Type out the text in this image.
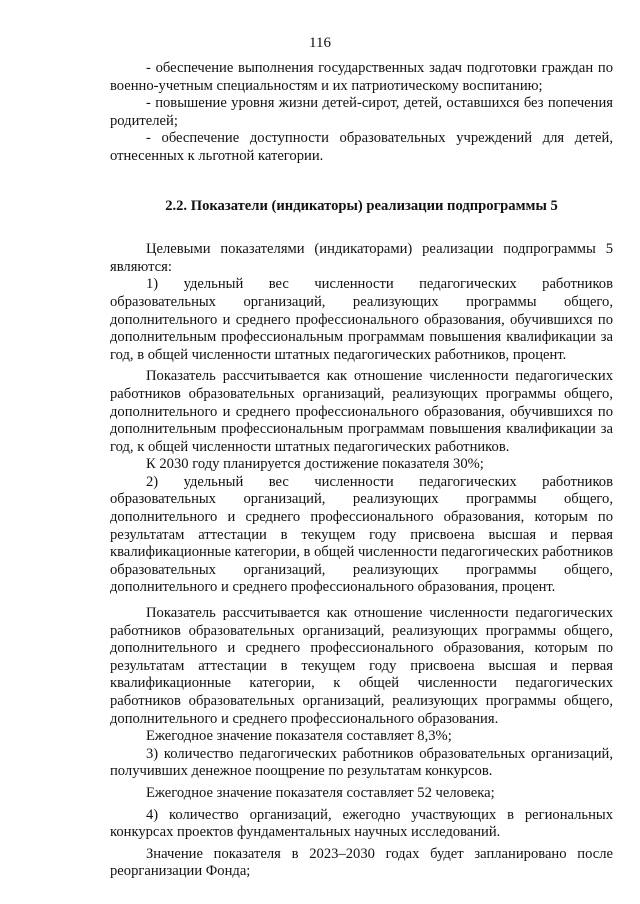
116

- обеспечение выполнения государственных задач подготовки граждан по военно-учетным специальностям и их патриотическому воспитанию;

- повышение уровня жизни детей-сирот, детей, оставшихся без попечения родителей;

- обеспечение доступности образовательных учреждений для детей, отнесенных к льготной категории.

2.2. Показатели (индикаторы) реализации подпрограммы 5

Целевыми показателями (индикаторами) реализации подпрограммы 5 являются:

1) удельный вес численности педагогических работников образовательных организаций, реализующих программы общего, дополнительного и среднего профессионального образования, обучившихся по дополнительным профессиональным программам повышения квалификации за год, в общей численности штатных педагогических работников, процент.

Показатель рассчитывается как отношение численности педагогических работников образовательных организаций, реализующих программы общего, дополнительного и среднего профессионального образования, обучившихся по дополнительным профессиональным программам повышения квалификации за год, к общей численности штатных педагогических работников.

К 2030 году планируется достижение показателя 30%;

2) удельный вес численности педагогических работников образовательных организаций, реализующих программы общего, дополнительного и среднего профессионального образования, которым по результатам аттестации в текущем году присвоена высшая и первая квалификационные категории, в общей численности педагогических работников образовательных организаций, реализующих программы общего, дополнительного и среднего профессионального образования, процент.

Показатель рассчитывается как отношение численности педагогических работников образовательных организаций, реализующих программы общего, дополнительного и среднего профессионального образования, которым по результатам аттестации в текущем году присвоена высшая и первая квалификационные категории, к общей численности педагогических работников образовательных организаций, реализующих программы общего, дополнительного и среднего профессионального образования.

Ежегодное значение показателя составляет 8,3%;

3) количество педагогических работников образовательных организаций, получивших денежное поощрение по результатам конкурсов.

Ежегодное значение показателя составляет 52 человека;

4) количество организаций, ежегодно участвующих в региональных конкурсах проектов фундаментальных научных исследований.

Значение показателя в 2023–2030 годах будет запланировано после реорганизации Фонда;
